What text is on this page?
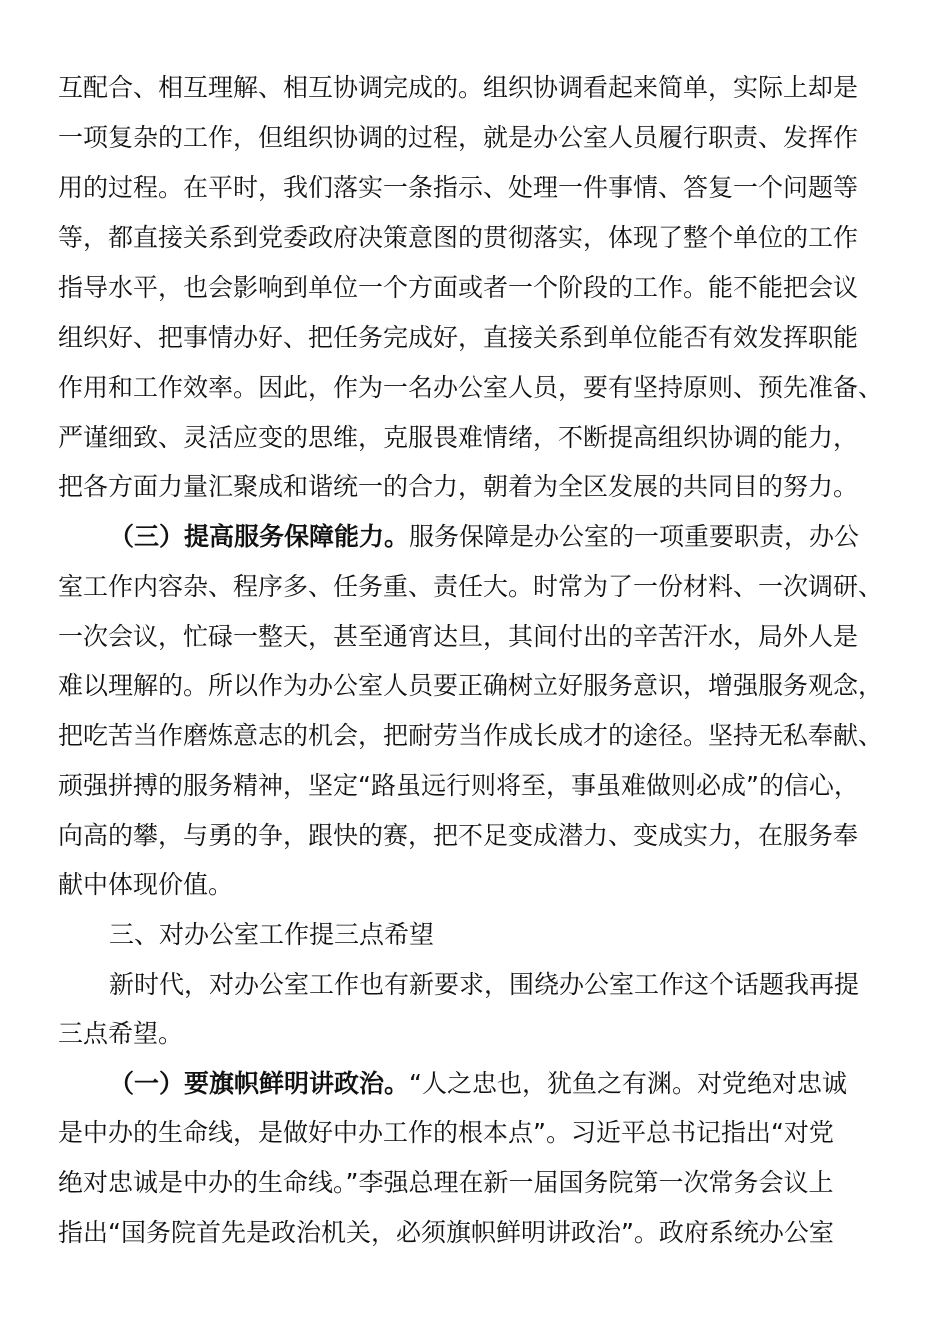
互配合、相互理解、相互协调完成的。组织协调看起来简单，实际上却是
一项复杂的工作，但组织协调的过程，就是办公室人员履行职责、发挥作
用的过程。在平时，我们落实一条指示、处理一件事情、答复一个问题等
等，都直接关系到党委政府决策意图的贯彻落实，体现了整个单位的工作
指导水平，也会影响到单位一个方面或者一个阶段的工作。能不能把会议
组织好、把事情办好、把任务完成好，直接关系到单位能否有效发挥职能
作用和工作效率。因此，作为一名办公室人员，要有坚持原则、预先准备、
严谨细致、灵活应变的思维，克服畏难情绪，不断提高组织协调的能力，
把各方面力量汇聚成和谐统一的合力，朝着为全区发展的共同目的努力。
（三）提高服务保障能力。服务保障是办公室的一项重要职责，办公
室工作内容杂、程序多、任务重、责任大。时常为了一份材料、一次调研、
一次会议，忙碌一整天，甚至通宵达旦，其间付出的辛苦汗水，局外人是
难以理解的。所以作为办公室人员要正确树立好服务意识，增强服务观念，
把吃苦当作磨炼意志的机会，把耐劳当作成长成才的途径。坚持无私奉献、
顽强拼搏的服务精神，坚定“路虽远行则将至，事虽难做则必成”的信心，
向高的攀，与勇的争，跟快的赛，把不足变成潜力、变成实力，在服务奉
献中体现价值。
三、对办公室工作提三点希望
新时代，对办公室工作也有新要求，围绕办公室工作这个话题我再提
三点希望。
（一）要旗帜鲜明讲政治。“人之忠也，犹鱼之有渊。对党绝对忠诚
是中办的生命线，是做好中办工作的根本点”。习近平总书记指出“对党
绝对忠诚是中办的生命线。”李强总理在新一届国务院第一次常务会议上
指出“国务院首先是政治机关，必须旗帜鲜明讲政治”。政府系统办公室
